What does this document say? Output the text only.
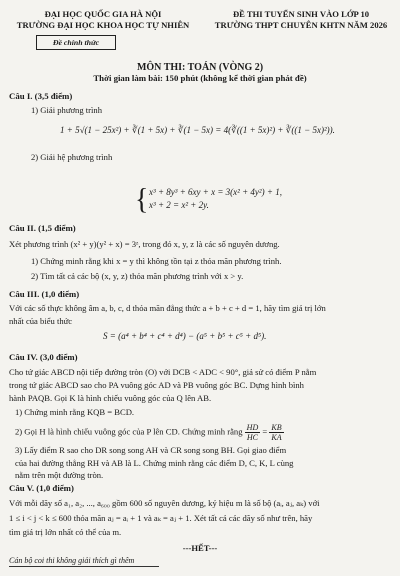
ĐẠI HỌC QUỐC GIA HÀ NỘI
TRƯỜNG ĐẠI HỌC KHOA HỌC TỰ NHIÊN
Đề chính thức
ĐỀ THI TUYỂN SINH VÀO LỚP 10
TRƯỜNG THPT CHUYÊN KHTN NĂM 2026
MÔN THI: TOÁN (VÒNG 2)
Thời gian làm bài: 150 phút (không kể thời gian phát đề)
Câu I. (3,5 điểm)
1) Giải phương trình
1 + 5√(1 − 25x²) + ∛(1 + 5x) + ∛(1 − 5x) = 4(∛((1 + 5x)²) + ∛((1 − 5x)²)).
2) Giải hệ phương trình
{ x³ + 8y³ + 6xy + x = 3(x² + 4y²) + 1,
x³ + 2 = x² + 2y.
Câu II. (1,5 điểm)
Xét phương trình (x² + y)(y² + x) = 3ᶻ, trong đó x, y, z là các số nguyên dương.
1) Chứng minh rằng khi x = y thì không tồn tại z thỏa mãn phương trình.
2) Tìm tất cả các bộ (x, y, z) thỏa mãn phương trình với x > y.
Câu III. (1,0 điểm)
Với các số thực không âm a, b, c, d thỏa mãn đẳng thức a + b + c + d = 1, hãy tìm giá trị lớn
nhất của biểu thức
S = (a⁴ + b⁴ + c⁴ + d⁴) − (a⁵ + b⁵ + c⁵ + d⁵).
Câu IV. (3,0 điểm)
Cho tứ giác ABCD nội tiếp đường tròn (O) với DCB < ADC < 90°, giả sử có điểm P nằm
trong tứ giác ABCD sao cho PA vuông góc AD và PB vuông góc BC. Dựng hình bình
hành PAQB. Gọi K là hình chiếu vuông góc của Q lên AB.
1) Chứng minh rằng KQB = BCD.
2) Gọi H là hình chiếu vuông góc của P lên CD. Chứng minh rằng $\frac{HD}{HC} = \frac{KB}{KA}$
3) Lấy điểm R sao cho DR song song AH và CR song song BH. Gọi giao điểm
của hai đường thẳng RH và AB là L. Chứng minh rằng các điểm D, C, K, L cùng
nằm trên một đường tròn.
Câu V. (1,0 điểm)
Với mỗi dãy số a₁, a₂, ..., a₆₀₀ gồm 600 số nguyên dương, ký hiệu m là số bộ (aᵢ, aⱼ, aₖ) với
1 ≤ i < j < k ≤ 600 thỏa mãn aⱼ = aᵢ + 1 và aₖ = aⱼ + 1. Xét tất cả các dãy số như trên, hãy
tìm giá trị lớn nhất có thể của m.
---HẾT---
Cán bộ coi thi không giải thích gì thêm
